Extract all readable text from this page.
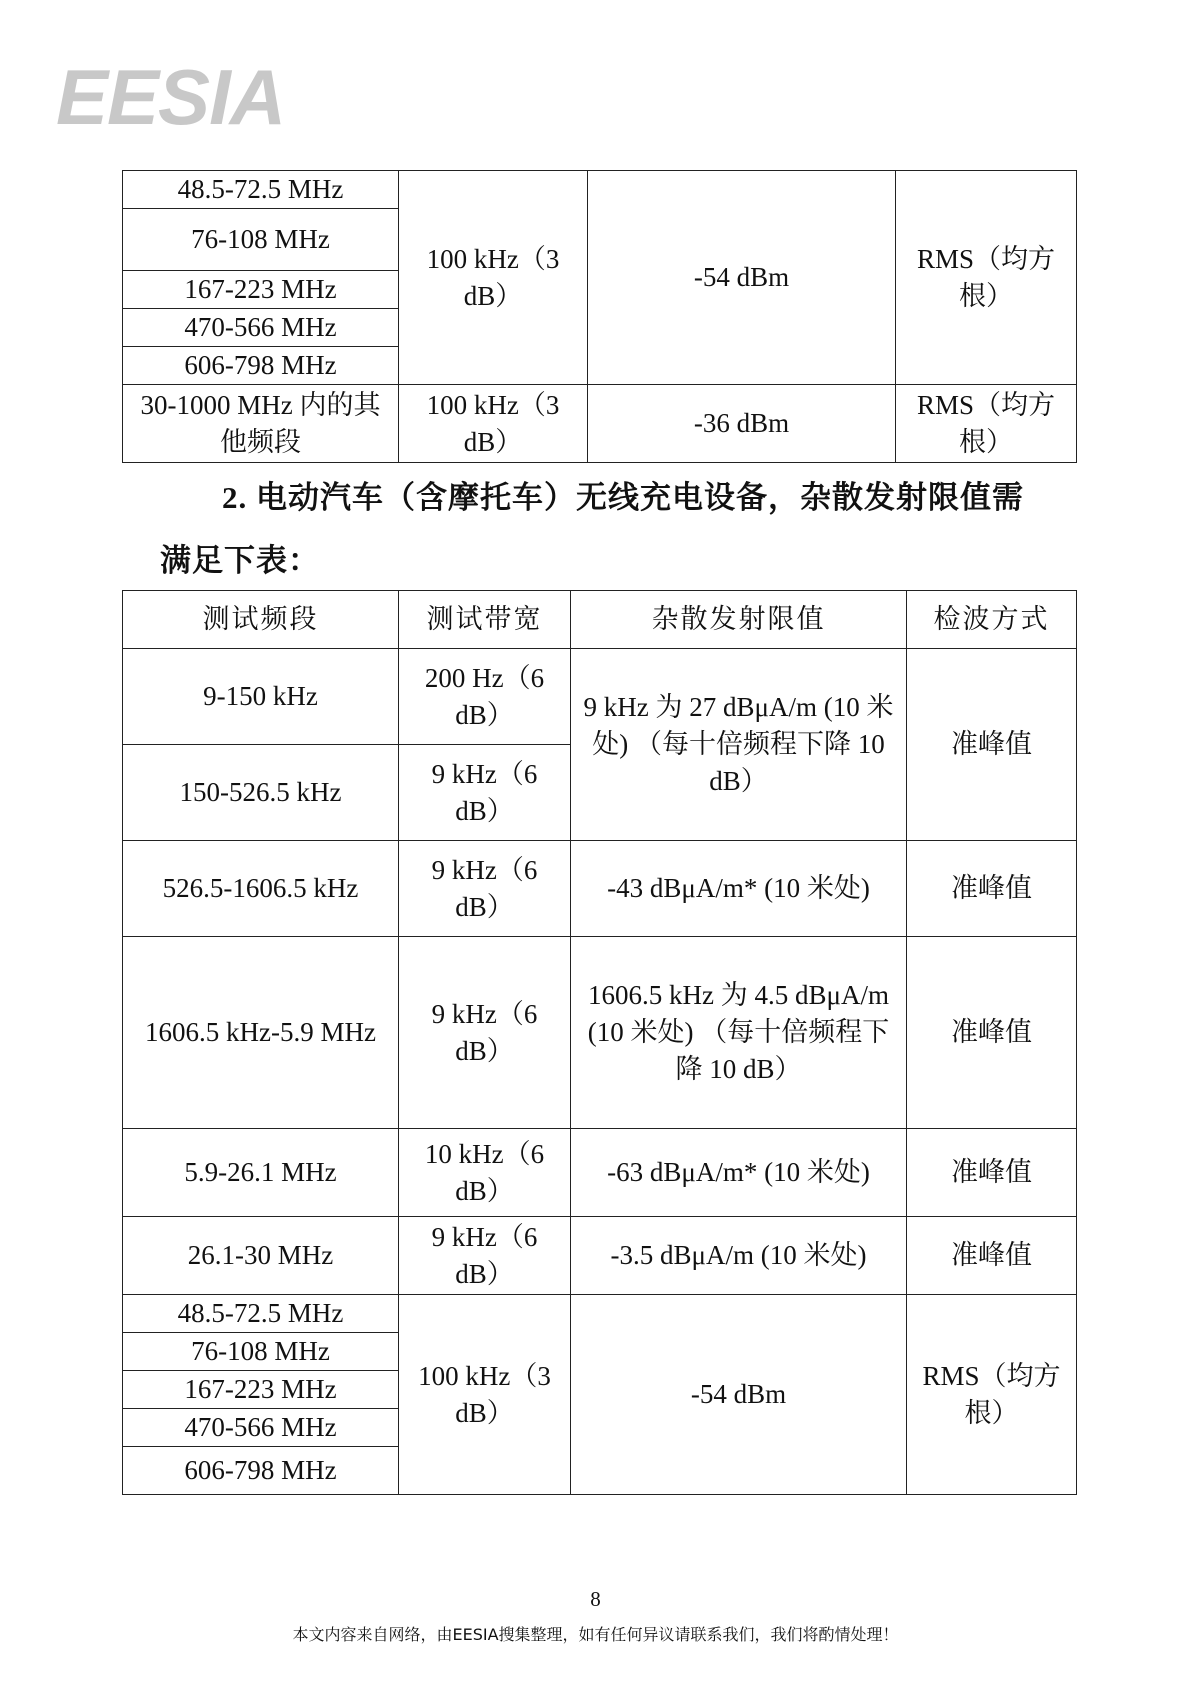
EESIA
48.5-72.5 MHz	100 kHz（3 dB）	-54 dBm	RMS（均方根）
76-108 MHz			
167-223 MHz			
470-566 MHz			
606-798 MHz			
30-1000 MHz 内的其他频段	100 kHz（3 dB）	-36 dBm	RMS（均方根）
2. 电动汽车（含摩托车）无线充电设备，杂散发射限值需
满足下表：
测试频段	测试带宽	杂散发射限值	检波方式
9-150 kHz	200 Hz（6 dB）	9 kHz 为 27 dBμA/m (10 米处) （每十倍频程下降 10 dB）	准峰值
150-526.5 kHz	9 kHz（6 dB）		
526.5-1606.5 kHz	9 kHz（6 dB）	-43 dBμA/m* (10 米处)	准峰值
1606.5 kHz-5.9 MHz	9 kHz（6 dB）	1606.5 kHz 为 4.5 dBμA/m (10 米处) （每十倍频程下降 10 dB）	准峰值
5.9-26.1 MHz	10 kHz（6 dB）	-63 dBμA/m* (10 米处)	准峰值
26.1-30 MHz	9 kHz（6 dB）	-3.5 dBμA/m (10 米处)	准峰值
48.5-72.5 MHz	100 kHz（3 dB）	-54 dBm	RMS（均方根）
76-108 MHz			
167-223 MHz			
470-566 MHz			
606-798 MHz			
8
本文内容来自网络，由EESIA搜集整理，如有任何异议请联系我们，我们将酌情处理！
